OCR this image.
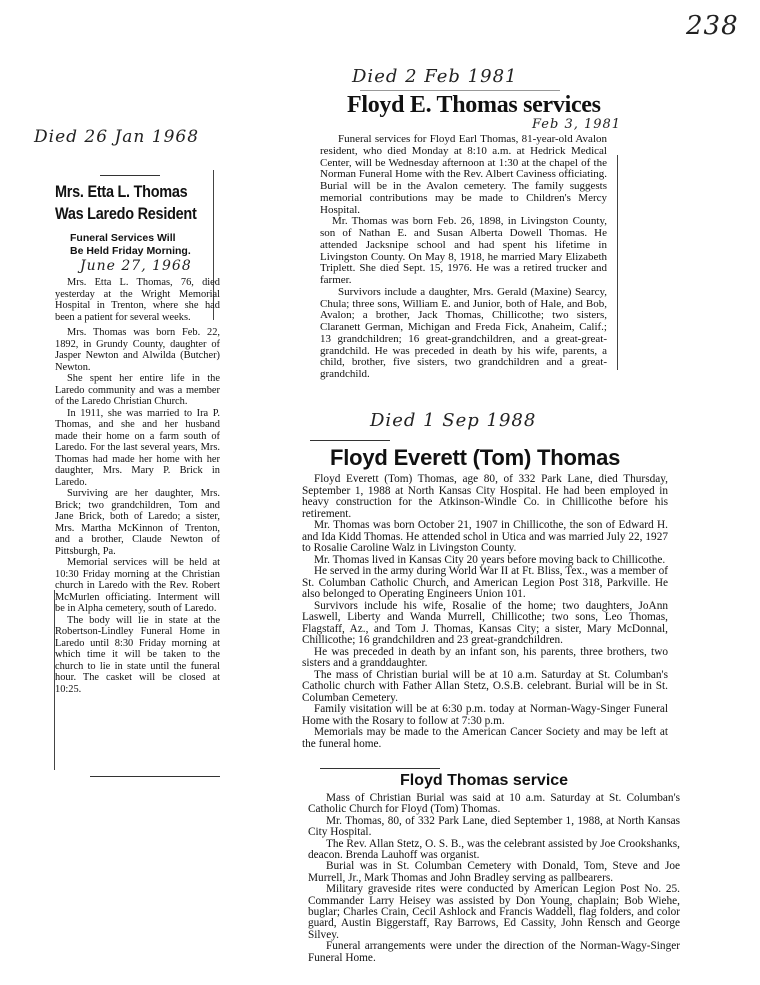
238
Died 26 Jan 1968
Mrs. Etta L. Thomas
Was Laredo Resident
Funeral Services Will
Be Held Friday Morning.
June 27, 1968

Mrs. Etta L. Thomas, 76, died yesterday at the Wright Memorial Hospital in Trenton, where she had been a patient for several weeks.

Mrs. Thomas was born Feb. 22, 1892, in Grundy County, daughter of Jasper Newton and Alwilda (Butcher) Newton.

She spent her entire life in the Laredo community and was a member of the Laredo Christian Church.

In 1911, she was married to Ira P. Thomas, and she and her husband made their home on a farm south of Laredo. For the last several years, Mrs. Thomas had made her home with her daughter, Mrs. Mary P. Brick in Laredo.

Surviving are her daughter, Mrs. Brick; two grandchildren, Tom and Jane Brick, both of Laredo; a sister, Mrs. Martha McKinnon of Trenton, and a brother, Claude Newton of Pittsburgh, Pa.

Memorial services will be held at 10:30 Friday morning at the Christian church in Laredo with the Rev. Robert McMurlen officiating. Interment will be in Alpha cemetery, south of Laredo.

The body will lie in state at the Robertson-Lindley Funeral Home in Laredo until 8:30 Friday morning at which time it will be taken to the church to lie in state until the funeral hour. The casket will be closed at 10:25.

Died 2 Feb 1981
Floyd E. Thomas services
Feb 3, 1981

Funeral services for Floyd Earl Thomas, 81-year-old Avalon resident, who died Monday at 8:10 a.m. at Hedrick Medical Center, will be Wednesday afternoon at 1:30 at the chapel of the Norman Funeral Home with the Rev. Albert Caviness officiating. Burial will be in the Avalon cemetery. The family suggests memorial contributions may be made to Children's Mercy Hospital.

Mr. Thomas was born Feb. 26, 1898, in Livingston County, son of Nathan E. and Susan Alberta Dowell Thomas. He attended Jacksnipe school and had spent his lifetime in Livingston County. On May 8, 1918, he married Mary Elizabeth Triplett. She died Sept. 15, 1976. He was a retired trucker and farmer.

Survivors include a daughter, Mrs. Gerald (Maxine) Searcy, Chula; three sons, William E. and Junior, both of Hale, and Bob, Avalon; a brother, Jack Thomas, Chillicothe; two sisters, Claranett German, Michigan and Freda Fick, Anaheim, Calif.; 13 grandchildren; 16 great-grandchildren, and a great-great-grandchild. He was preceded in death by his wife, parents, a child, brother, five sisters, two grandchildren and a great-grandchild.

Died 1 Sep 1988
Floyd Everett (Tom) Thomas

Floyd Everett (Tom) Thomas, age 80, of 332 Park Lane, died Thursday, September 1, 1988 at North Kansas City Hospital. He had been employed in heavy construction for the Atkinson-Windle Co. in Chillicothe before his retirement.

Mr. Thomas was born October 21, 1907 in Chillicothe, the son of Edward H. and Ida Kidd Thomas. He attended schol in Utica and was married July 22, 1927 to Rosalie Caroline Walz in Livingston County.

Mr. Thomas lived in Kansas City 20 years before moving back to Chillicothe.

He served in the army during World War II at Ft. Bliss, Tex., was a member of St. Columban Catholic Church, and American Legion Post 318, Parkville. He also belonged to Operating Engineers Union 101.

Survivors include his wife, Rosalie of the home; two daughters, JoAnn Laswell, Liberty and Wanda Murrell, Chillicothe; two sons, Leo Thomas, Flagstaff, Az., and Tom J. Thomas, Kansas City; a sister, Mary McDonnal, Chillicothe; 16 grandchildren and 23 great-grandchildren.

He was preceded in death by an infant son, his parents, three brothers, two sisters and a granddaughter.

The mass of Christian burial will be at 10 a.m. Saturday at St. Columban's Catholic church with Father Allan Stetz, O.S.B. celebrant. Burial will be in St. Columban Cemetery.

Family visitation will be at 6:30 p.m. today at Norman-Wagy-Singer Funeral Home with the Rosary to follow at 7:30 p.m.

Memorials may be made to the American Cancer Society and may be left at the funeral home.

Floyd Thomas service

Mass of Christian Burial was said at 10 a.m. Saturday at St. Columban's Catholic Church for Floyd (Tom) Thomas.

Mr. Thomas, 80, of 332 Park Lane, died September 1, 1988, at North Kansas City Hospital.

The Rev. Allan Stetz, O. S. B., was the celebrant assisted by Joe Crookshanks, deacon. Brenda Lauhoff was organist.

Burial was in St. Columban Cemetery with Donald, Tom, Steve and Joe Murrell, Jr., Mark Thomas and John Bradley serving as pallbearers.

Military graveside rites were conducted by American Legion Post No. 25. Commander Larry Heisey was assisted by Don Young, chaplain; Bob Wiehe, buglar; Charles Crain, Cecil Ashlock and Francis Waddell, flag folders, and color guard, Austin Biggerstaff, Ray Barrows, Ed Cassity, John Rensch and George Silvey.

Funeral arrangements were under the direction of the Norman-Wagy-Singer Funeral Home.
